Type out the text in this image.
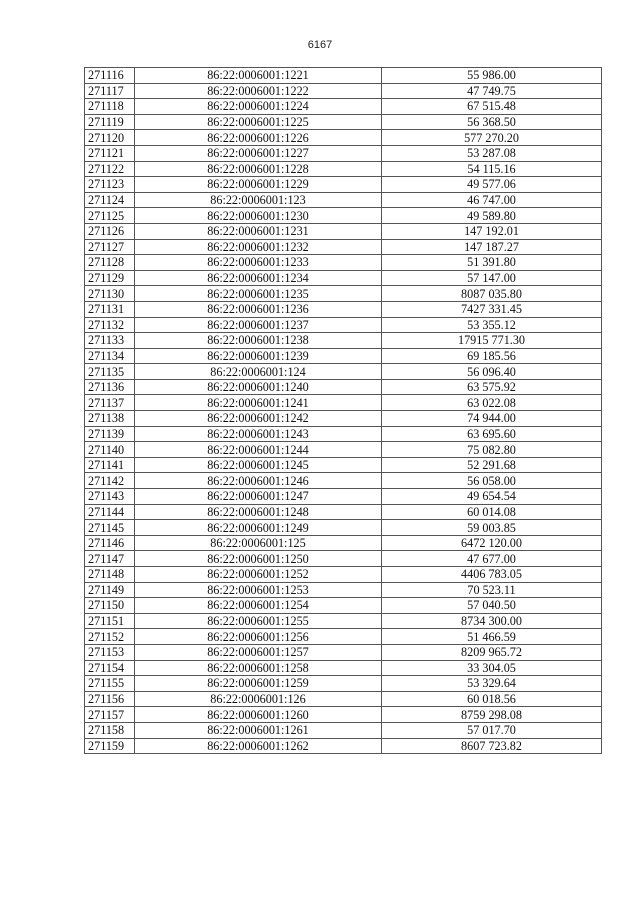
6167
271116	86:22:0006001:1221	55 986.00
271117	86:22:0006001:1222	47 749.75
271118	86:22:0006001:1224	67 515.48
271119	86:22:0006001:1225	56 368.50
271120	86:22:0006001:1226	577 270.20
271121	86:22:0006001:1227	53 287.08
271122	86:22:0006001:1228	54 115.16
271123	86:22:0006001:1229	49 577.06
271124	86:22:0006001:123	46 747.00
271125	86:22:0006001:1230	49 589.80
271126	86:22:0006001:1231	147 192.01
271127	86:22:0006001:1232	147 187.27
271128	86:22:0006001:1233	51 391.80
271129	86:22:0006001:1234	57 147.00
271130	86:22:0006001:1235	8087 035.80
271131	86:22:0006001:1236	7427 331.45
271132	86:22:0006001:1237	53 355.12
271133	86:22:0006001:1238	17915 771.30
271134	86:22:0006001:1239	69 185.56
271135	86:22:0006001:124	56 096.40
271136	86:22:0006001:1240	63 575.92
271137	86:22:0006001:1241	63 022.08
271138	86:22:0006001:1242	74 944.00
271139	86:22:0006001:1243	63 695.60
271140	86:22:0006001:1244	75 082.80
271141	86:22:0006001:1245	52 291.68
271142	86:22:0006001:1246	56 058.00
271143	86:22:0006001:1247	49 654.54
271144	86:22:0006001:1248	60 014.08
271145	86:22:0006001:1249	59 003.85
271146	86:22:0006001:125	6472 120.00
271147	86:22:0006001:1250	47 677.00
271148	86:22:0006001:1252	4406 783.05
271149	86:22:0006001:1253	70 523.11
271150	86:22:0006001:1254	57 040.50
271151	86:22:0006001:1255	8734 300.00
271152	86:22:0006001:1256	51 466.59
271153	86:22:0006001:1257	8209 965.72
271154	86:22:0006001:1258	33 304.05
271155	86:22:0006001:1259	53 329.64
271156	86:22:0006001:126	60 018.56
271157	86:22:0006001:1260	8759 298.08
271158	86:22:0006001:1261	57 017.70
271159	86:22:0006001:1262	8607 723.82
